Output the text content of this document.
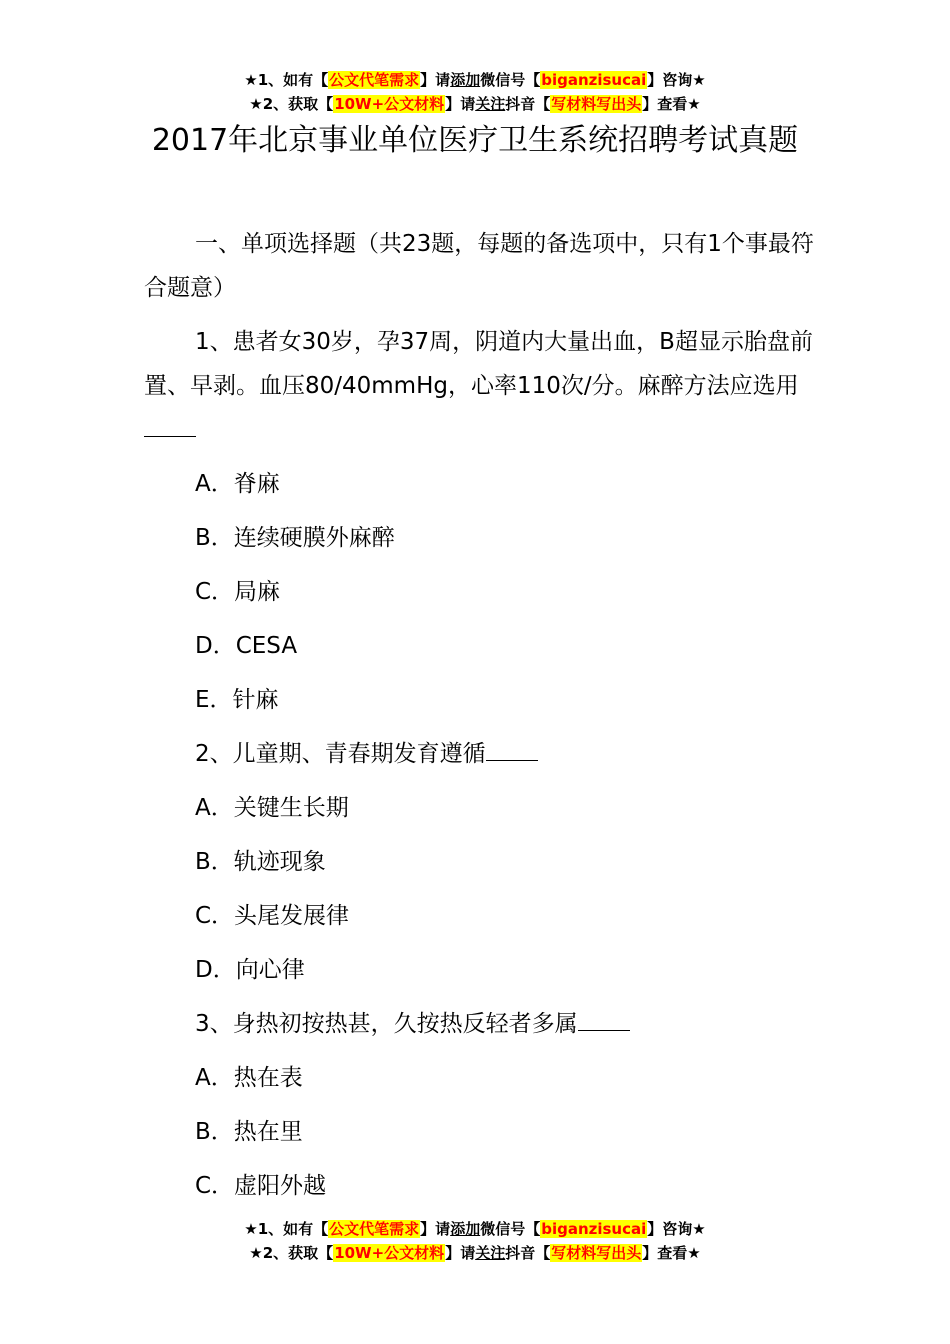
★1、如有【公文代笔需求】请添加微信号【biganzisucai】咨询★
★2、获取【10W+公文材料】请关注抖音【写材料写出头】查看★
2017年北京事业单位医疗卫生系统招聘考试真题

一、单项选择题（共23题，每题的备选项中，只有1个事最符合题意）

1、患者女30岁，孕37周，阴道内大量出血，B超显示胎盘前置、早剥。血压80/40mmHg，心率110次/分。麻醉方法应选用

A．脊麻

B．连续硬膜外麻醉

C．局麻

D．CESA

E．针麻

2、儿童期、青春期发育遵循

A．关键生长期

B．轨迹现象

C．头尾发展律

D．向心律

3、身热初按热甚，久按热反轻者多属

A．热在表

B．热在里

C．虚阳外越

★1、如有【公文代笔需求】请添加微信号【biganzisucai】咨询★
★2、获取【10W+公文材料】请关注抖音【写材料写出头】查看★
